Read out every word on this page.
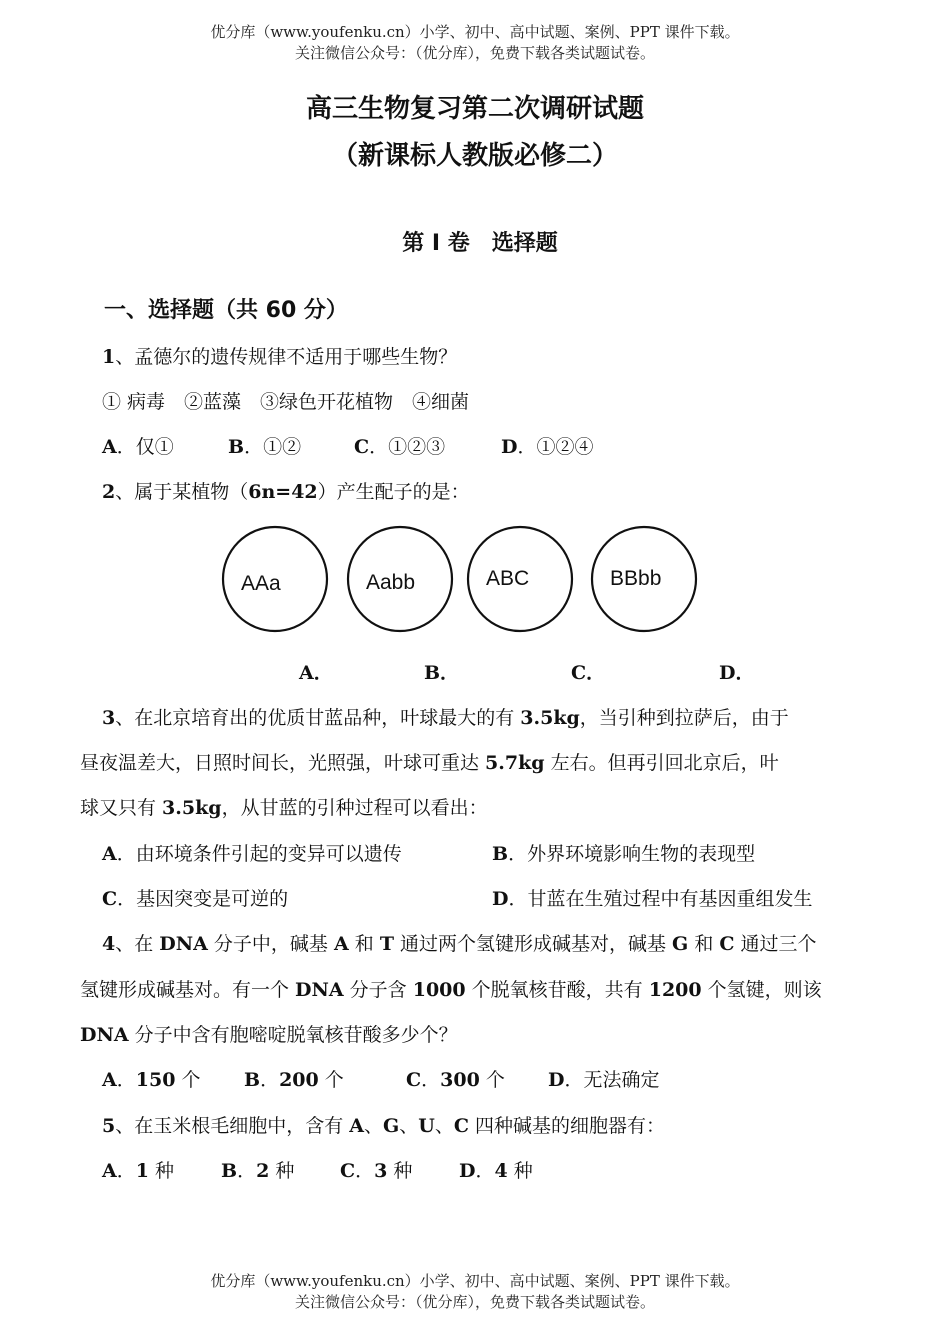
优分库（www.youfenku.cn）小学、初中、高中试题、案例、PPT 课件下载。
关注微信公众号：（优分库），免费下载各类试题试卷。
高三生物复习第二次调研试题
（新课标人教版必修二）
第 I 卷　选择题
一、选择题（共 60 分）
1、孟德尔的遗传规律不适用于哪些生物？
① 病毒　②蓝藻　③绿色开花植物　④细菌
A．仅①	B．①②	C．①②③	D．①②④
2、属于某植物（6n=42）产生配子的是：
AAa	Aabb	ABC	BBbb
A．	B．	C．	D．
3、在北京培育出的优质甘蓝品种，叶球最大的有 3.5kg，当引种到拉萨后，由于
昼夜温差大，日照时间长，光照强，叶球可重达 5.7kg 左右。但再引回北京后，叶
球又只有 3.5kg，从甘蓝的引种过程可以看出：
A．由环境条件引起的变异可以遗传	B．外界环境影响生物的表现型
C．基因突变是可逆的	D．甘蓝在生殖过程中有基因重组发生
4、在 DNA 分子中，碱基 A 和 T 通过两个氢键形成碱基对，碱基 G 和 C 通过三个
氢键形成碱基对。有一个 DNA 分子含 1000 个脱氧核苷酸，共有 1200 个氢键，则该
DNA 分子中含有胞嘧啶脱氧核苷酸多少个？
A．150 个 B．200 个	C．300 个 D．无法确定
5、在玉米根毛细胞中，含有 A、G、U、C 四种碱基的细胞器有：
A．1 种 B．2 种 C．3 种 D．4 种
优分库（www.youfenku.cn）小学、初中、高中试题、案例、PPT 课件下载。
关注微信公众号：（优分库），免费下载各类试题试卷。
